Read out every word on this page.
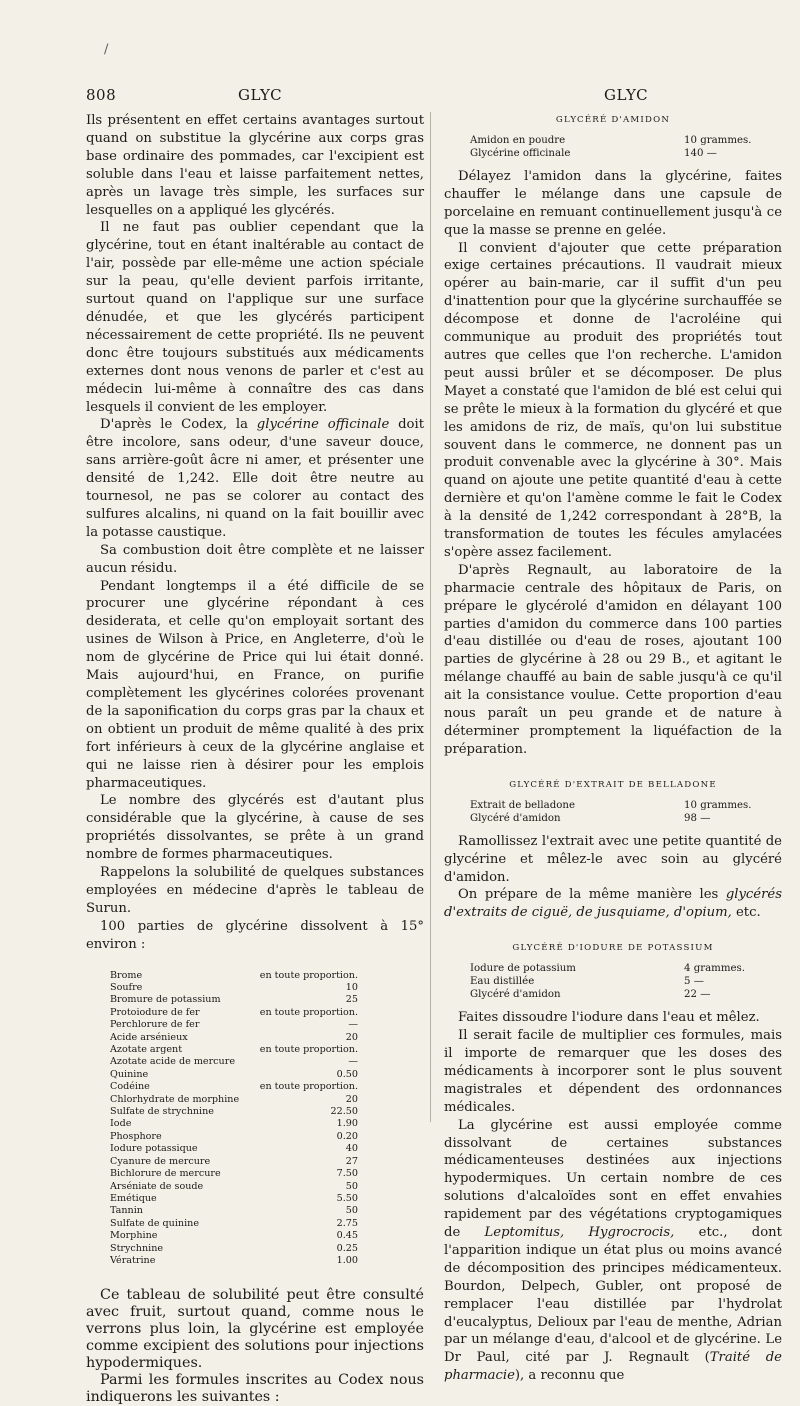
/
808	GLYC	GLYC

Ils présentent en effet certains avantages surtout quand on substitue la glycérine aux corps gras base ordinaire des pommades, car l'excipient est soluble dans l'eau et laisse parfaitement nettes, après un lavage très simple, les surfaces sur lesquelles on a appliqué les glycérés.

Il ne faut pas oublier cependant que la glycérine, tout en étant inaltérable au contact de l'air, possède par elle-même une action spéciale sur la peau, qu'elle devient parfois irritante, surtout quand on l'applique sur une surface dénudée, et que les glycérés participent nécessairement de cette propriété. Ils ne peuvent donc être toujours substitués aux médicaments externes dont nous venons de parler et c'est au médecin lui-même à connaître des cas dans lesquels il convient de les employer.

D'après le Codex, la glycérine officinale doit être incolore, sans odeur, d'une saveur douce, sans arrière-goût âcre ni amer, et présenter une densité de 1,242. Elle doit être neutre au tournesol, ne pas se colorer au contact des sulfures alcalins, ni quand on la fait bouillir avec la potasse caustique.

Sa combustion doit être complète et ne laisser aucun résidu.

Pendant longtemps il a été difficile de se procurer une glycérine répondant à ces desiderata, et celle qu'on employait sortant des usines de Wilson à Price, en Angleterre, d'où le nom de glycérine de Price qui lui était donné. Mais aujourd'hui, en France, on purifie complètement les glycérines colorées provenant de la saponification du corps gras par la chaux et on obtient un produit de même qualité à des prix fort inférieurs à ceux de la glycérine anglaise et qui ne laisse rien à désirer pour les emplois pharmaceutiques.

Le nombre des glycérés est d'autant plus considérable que la glycérine, à cause de ses propriétés dissolvantes, se prête à un grand nombre de formes pharmaceutiques.

Rappelons la solubilité de quelques substances employées en médecine d'après le tableau de Surun.

100 parties de glycérine dissolvent à 15° environ :

Brome	en toute proportion.
Soufre	10
Bromure de potassium	25
Protoiodure de fer	en toute proportion.
Perchlorure de fer	—
Acide arsénieux	20
Azotate argent	en toute proportion.
Azotate acide de mercure	—
Quinine	0.50
Codéine	en toute proportion.
Chlorhydrate de morphine	20
Sulfate de strychnine	22.50
Iode	1.90
Phosphore	0.20
Iodure potassique	40
Cyanure de mercure	27
Bichlorure de mercure	7.50
Arséniate de soude	50
Emétique	5.50
Tannin	50
Sulfate de quinine	2.75
Morphine	0.45
Strychnine	0.25
Vératrine	1.00

Ce tableau de solubilité peut être consulté avec fruit, surtout quand, comme nous le verrons plus loin, la glycérine est employée comme excipient des solutions pour injections hypodermiques.

Parmi les formules inscrites au Codex nous indiquerons les suivantes :

GLYCÉRÉ D'AMIDON
Amidon en poudre	10 grammes.
Glycérine officinale	140 —

Délayez l'amidon dans la glycérine, faites chauffer le mélange dans une capsule de porcelaine en remuant continuellement jusqu'à ce que la masse se prenne en gelée.

Il convient d'ajouter que cette préparation exige certaines précautions. Il vaudrait mieux opérer au bain-marie, car il suffit d'un peu d'inattention pour que la glycérine surchauffée se décompose et donne de l'acroléine qui communique au produit des propriétés tout autres que celles que l'on recherche. L'amidon peut aussi brûler et se décomposer. De plus Mayet a constaté que l'amidon de blé est celui qui se prête le mieux à la formation du glycéré et que les amidons de riz, de maïs, qu'on lui substitue souvent dans le commerce, ne donnent pas un produit convenable avec la glycérine à 30°. Mais quand on ajoute une petite quantité d'eau à cette dernière et qu'on l'amène comme le fait le Codex à la densité de 1,242 correspondant à 28°B, la transformation de toutes les fécules amylacées s'opère assez facilement.

D'après Regnault, au laboratoire de la pharmacie centrale des hôpitaux de Paris, on prépare le glycérolé d'amidon en délayant 100 parties d'amidon du commerce dans 100 parties d'eau distillée ou d'eau de roses, ajoutant 100 parties de glycérine à 28 ou 29 B., et agitant le mélange chauffé au bain de sable jusqu'à ce qu'il ait la consistance voulue. Cette proportion d'eau nous paraît un peu grande et de nature à déterminer promptement la liquéfaction de la préparation.

GLYCÉRÉ D'EXTRAIT DE BELLADONE
Extrait de belladone	10 grammes.
Glycéré d'amidon	98 —

Ramollissez l'extrait avec une petite quantité de glycérine et mêlez-le avec soin au glycéré d'amidon.

On prépare de la même manière les glycérés d'extraits de ciguë, de jusquiame, d'opium, etc.

GLYCÉRÉ D'IODURE DE POTASSIUM
Iodure de potassium	4 grammes.
Eau distillée	5 —
Glycéré d'amidon	22 —

Faites dissoudre l'iodure dans l'eau et mêlez.

Il serait facile de multiplier ces formules, mais il importe de remarquer que les doses des médicaments à incorporer sont le plus souvent magistrales et dépendent des ordonnances médicales.

La glycérine est aussi employée comme dissolvant de certaines substances médicamenteuses destinées aux injections hypodermiques. Un certain nombre de ces solutions d'alcaloïdes sont en effet envahies rapidement par des végétations cryptogamiques de Leptomitus, Hygrocrocis, etc., dont l'apparition indique un état plus ou moins avancé de décomposition des principes médicamenteux. Bourdon, Delpech, Gubler, ont proposé de remplacer l'eau distillée par l'hydrolat d'eucalyptus, Delioux par l'eau de menthe, Adrian par un mélange d'eau, d'alcool et de glycérine. Le Dr Paul, cité par J. Regnault (Traité de pharmacie), a reconnu que
